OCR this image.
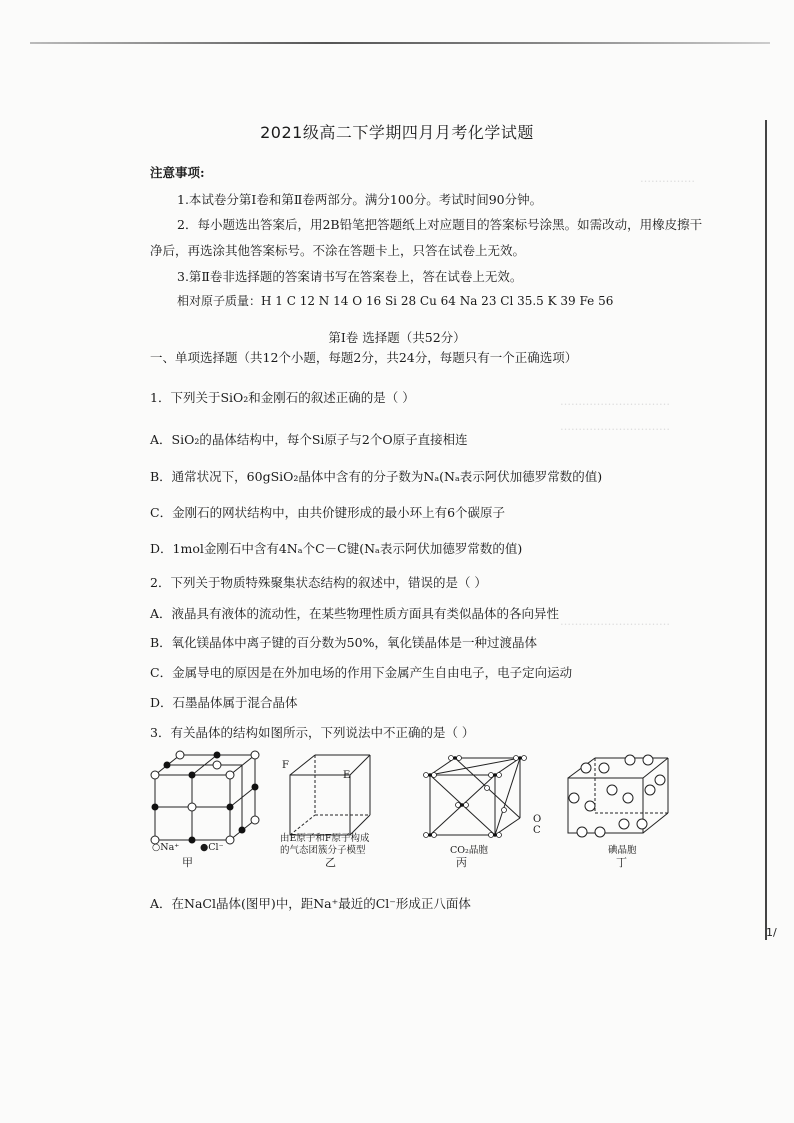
……………
…………………………
…………………………
…………………………
2021级高二下学期四月月考化学试题
注意事项:
1.本试卷分第Ⅰ卷和第Ⅱ卷两部分。满分100分。考试时间90分钟。
2．每小题选出答案后，用2B铅笔把答题纸上对应题目的答案标号涂黑。如需改动，用橡皮擦干
净后，再选涂其他答案标号。不涂在答题卡上，只答在试卷上无效。
3.第Ⅱ卷非选择题的答案请书写在答案卷上，答在试卷上无效。
相对原子质量：H 1 C 12 N 14 O 16 Si 28 Cu 64 Na 23 Cl 35.5 K 39 Fe 56
第Ⅰ卷 选择题（共52分）
一、单项选择题（共12个小题，每题2分，共24分，每题只有一个正确选项）
1．下列关于SiO₂和金刚石的叙述正确的是（ ）
A．SiO₂的晶体结构中，每个Si原子与2个O原子直接相连
B．通常状况下，60gSiO₂晶体中含有的分子数为Nₐ(Nₐ表示阿伏加德罗常数的值)
C．金刚石的网状结构中，由共价键形成的最小环上有6个碳原子
D．1mol金刚石中含有4Nₐ个C－C键(Nₐ表示阿伏加德罗常数的值)
2．下列关于物质特殊聚集状态结构的叙述中，错误的是（ ）
A．液晶具有液体的流动性，在某些物理性质方面具有类似晶体的各向异性
B．氧化镁晶体中离子键的百分数为50%，氧化镁晶体是一种过渡晶体
C．金属导电的原因是在外加电场的作用下金属产生自由电子，电子定向运动
D．石墨晶体属于混合晶体
3．有关晶体的结构如图所示，下列说法中不正确的是（ ）
○Na⁺ ●Cl⁻
甲
F
E
由E原子和F原子构成
的气态团簇分子模型
乙
O
C
CO₂晶胞
丙
碘晶胞
丁
A．在NaCl晶体(图甲)中，距Na⁺最近的Cl⁻形成正八面体
1/
